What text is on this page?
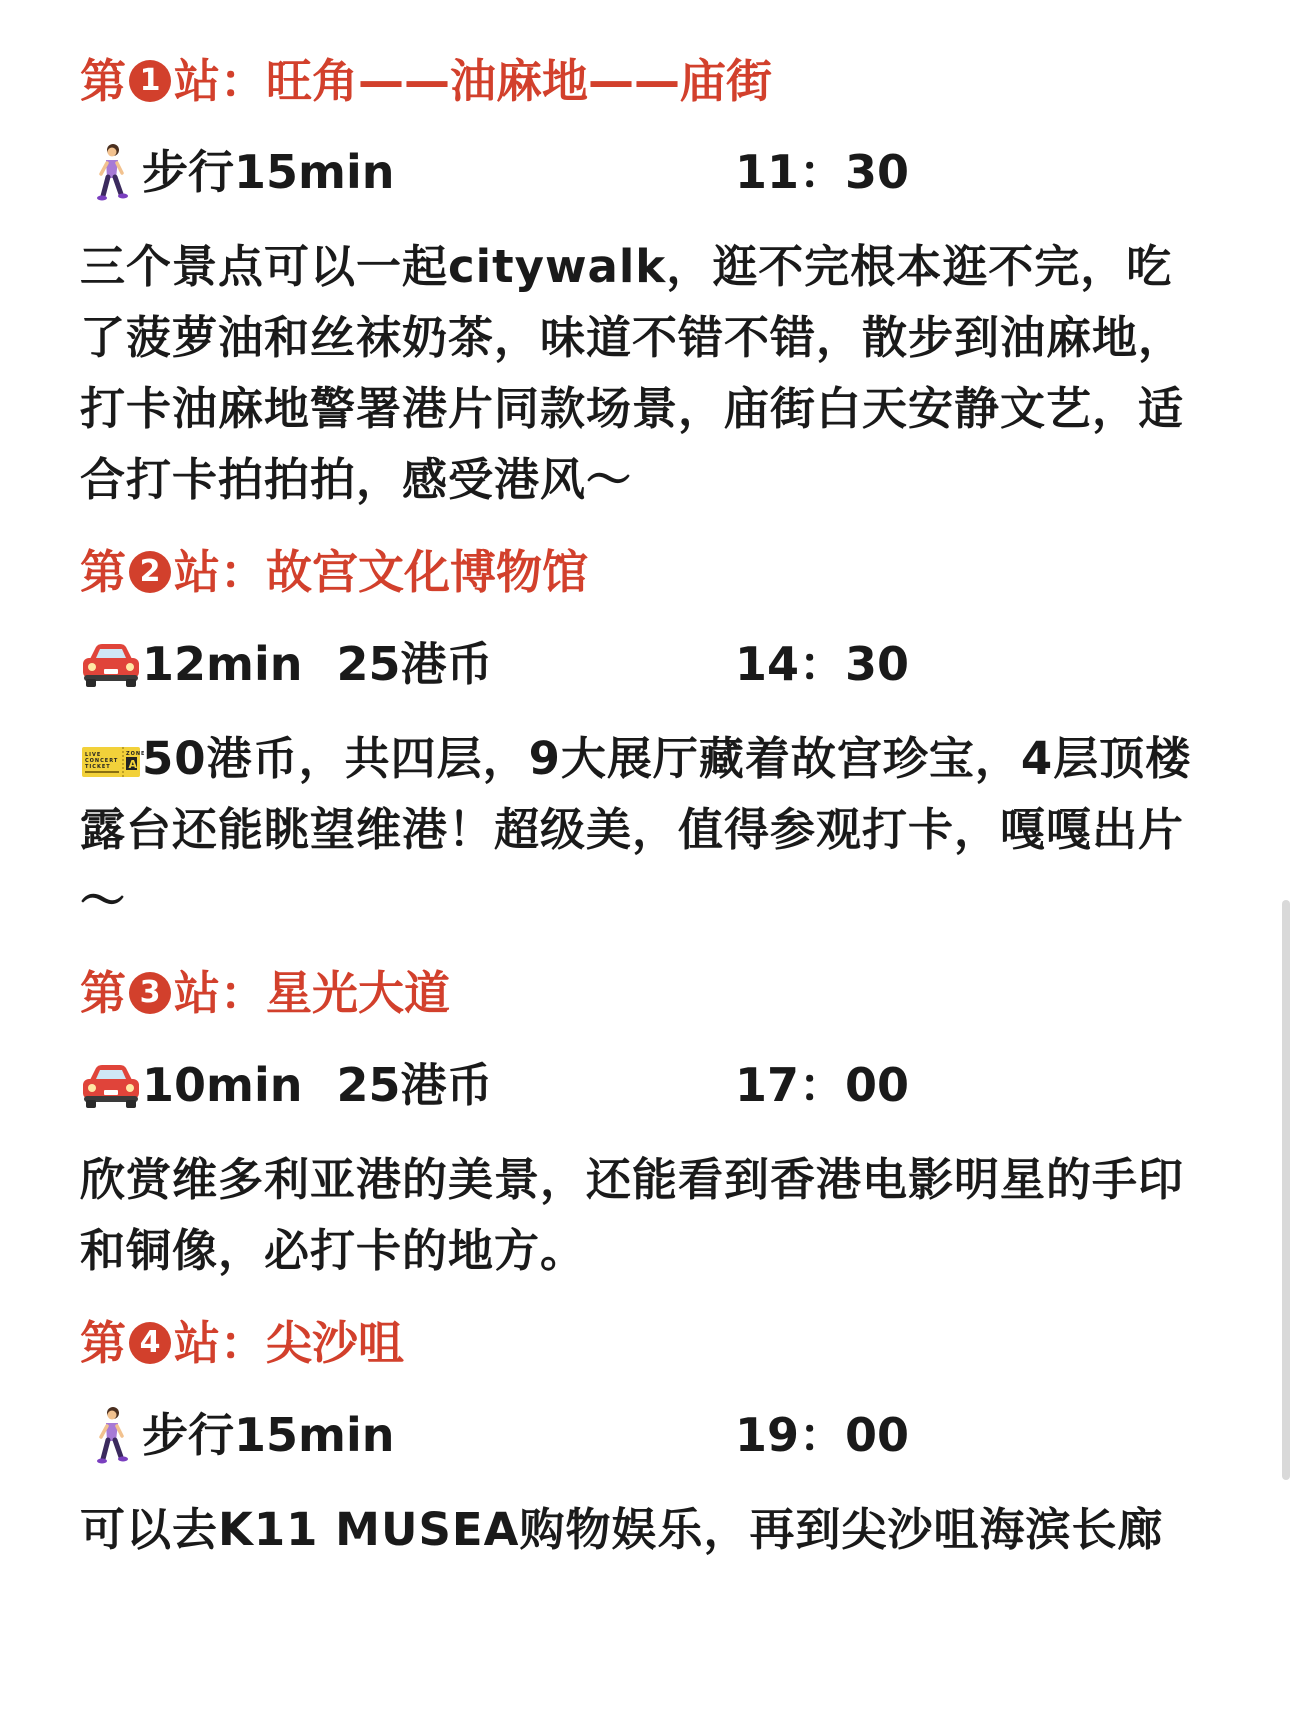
第 1 站：旺角——油麻地——庙街
步行15min	11：30

三个景点可以一起citywalk，逛不完根本逛不完，吃了菠萝油和丝袜奶茶，味道不错不错，散步到油麻地，打卡油麻地警署港片同款场景，庙街白天安静文艺，适合打卡拍拍拍，感受港风～

第 2 站：故宫文化博物馆
12min 25港币	14：30

LIVE
CONCERT
TICKET
ZONE
A 50港币，共四层，9大展厅藏着故宫珍宝，4层顶楼露台还能眺望维港！超级美，值得参观打卡，嘎嘎出片～

第 3 站：星光大道
10min 25港币	17：00

欣赏维多利亚港的美景，还能看到香港电影明星的手印和铜像，必打卡的地方。

第 4 站：尖沙咀
步行15min	19：00

可以去K11 MUSEA购物娱乐，再到尖沙咀海滨长廊
